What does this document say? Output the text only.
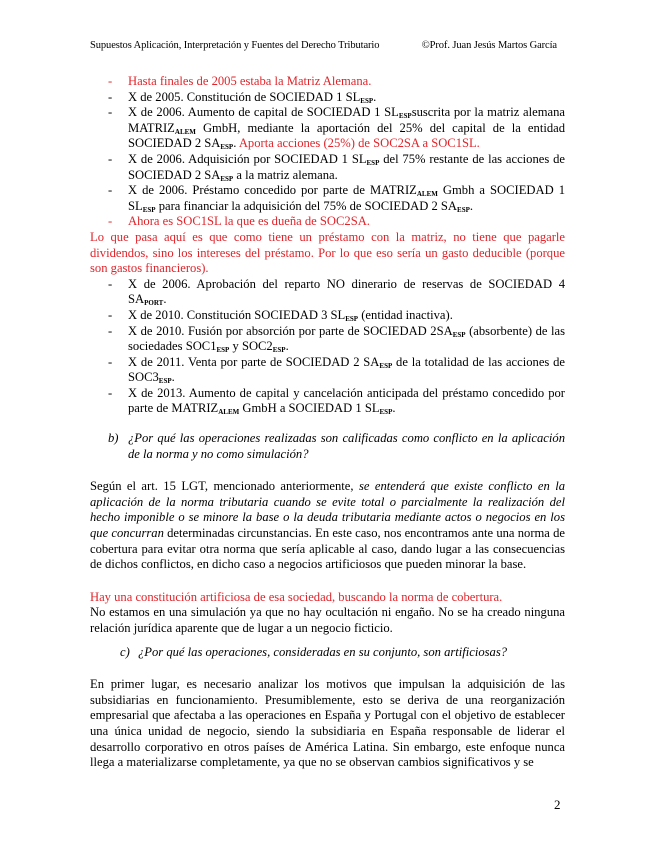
Supuestos Aplicación, Interpretación y Fuentes del Derecho Tributario	©Prof. Juan Jesús Martos García
- Hasta finales de 2005 estaba la Matriz Alemana.
- X de 2005. Constitución de SOCIEDAD 1 $SL_{ESP}$.
- X de 2006. Aumento de capital de SOCIEDAD 1 $SL_{ESP}suscrita$ por la matriz alemana $MATRIZ_{ALEM}$ GmbH, mediante la aportación del 25% del capital de la entidad SOCIEDAD 2 $SA_{ESP}$. Aporta acciones (25%) de SOC2SA a SOC1SL.
- X de 2006. Adquisición por SOCIEDAD 1 $SL_{ESP}$ del 75% restante de las acciones de SOCIEDAD 2 $SA_{ESP}$ a la matriz alemana.
- X de 2006. Préstamo concedido por parte de $MATRIZ_{ALEM}$ Gmbh a SOCIEDAD 1 $SL_{ESP}$ para financiar la adquisición del 75% de SOCIEDAD 2 $SA_{ESP}$.
- Ahora es SOC1SL la que es dueña de SOC2SA.

Lo que pasa aquí es que como tiene un préstamo con la matriz, no tiene que pagarle dividendos, sino los intereses del préstamo. Por lo que eso sería un gasto deducible (porque son gastos financieros).

- X de 2006. Aprobación del reparto NO dinerario de reservas de SOCIEDAD 4 $SA_{PORT}$.
- X de 2010. Constitución SOCIEDAD 3 $SL_{ESP}$ (entidad inactiva).
- X de 2010. Fusión por absorción por parte de SOCIEDAD $2SA_{ESP}$ (absorbente) de las sociedades $SOC1_{ESP}$ y $SOC2_{ESP}$.
- X de 2011. Venta por parte de SOCIEDAD 2 $SA_{ESP}$ de la totalidad de las acciones de $SOC3_{ESP}$.
- X de 2013. Aumento de capital y cancelación anticipada del préstamo concedido por parte de $MATRIZ_{ALEM}$ GmbH a SOCIEDAD 1 $SL_{ESP}$.
b) ¿Por qué las operaciones realizadas son calificadas como conflicto en la aplicación de la norma y no como simulación?

Según el art. 15 LGT, mencionado anteriormente, se entenderá que existe conflicto en la aplicación de la norma tributaria cuando se evite total o parcialmente la realización del hecho imponible o se minore la base o la deuda tributaria mediante actos o negocios en los que concurran determinadas circunstancias. En este caso, nos encontramos ante una norma de cobertura para evitar otra norma que sería aplicable al caso, dando lugar a las consecuencias de dichos conflictos, en dicho caso a negocios artificiosos que pueden minorar la base.

Hay una constitución artificiosa de esa sociedad, buscando la norma de cobertura.

No estamos en una simulación ya que no hay ocultación ni engaño. No se ha creado ninguna relación jurídica aparente que de lugar a un negocio ficticio.

c) ¿Por qué las operaciones, consideradas en su conjunto, son artificiosas?

En primer lugar, es necesario analizar los motivos que impulsan la adquisición de las subsidiarias en funcionamiento. Presumiblemente, esto se deriva de una reorganización empresarial que afectaba a las operaciones en España y Portugal con el objetivo de establecer una única unidad de negocio, siendo la subsidiaria en España responsable de liderar el desarrollo corporativo en otros países de América Latina. Sin embargo, este enfoque nunca llega a materializarse completamente, ya que no se observan cambios significativos y se

2
